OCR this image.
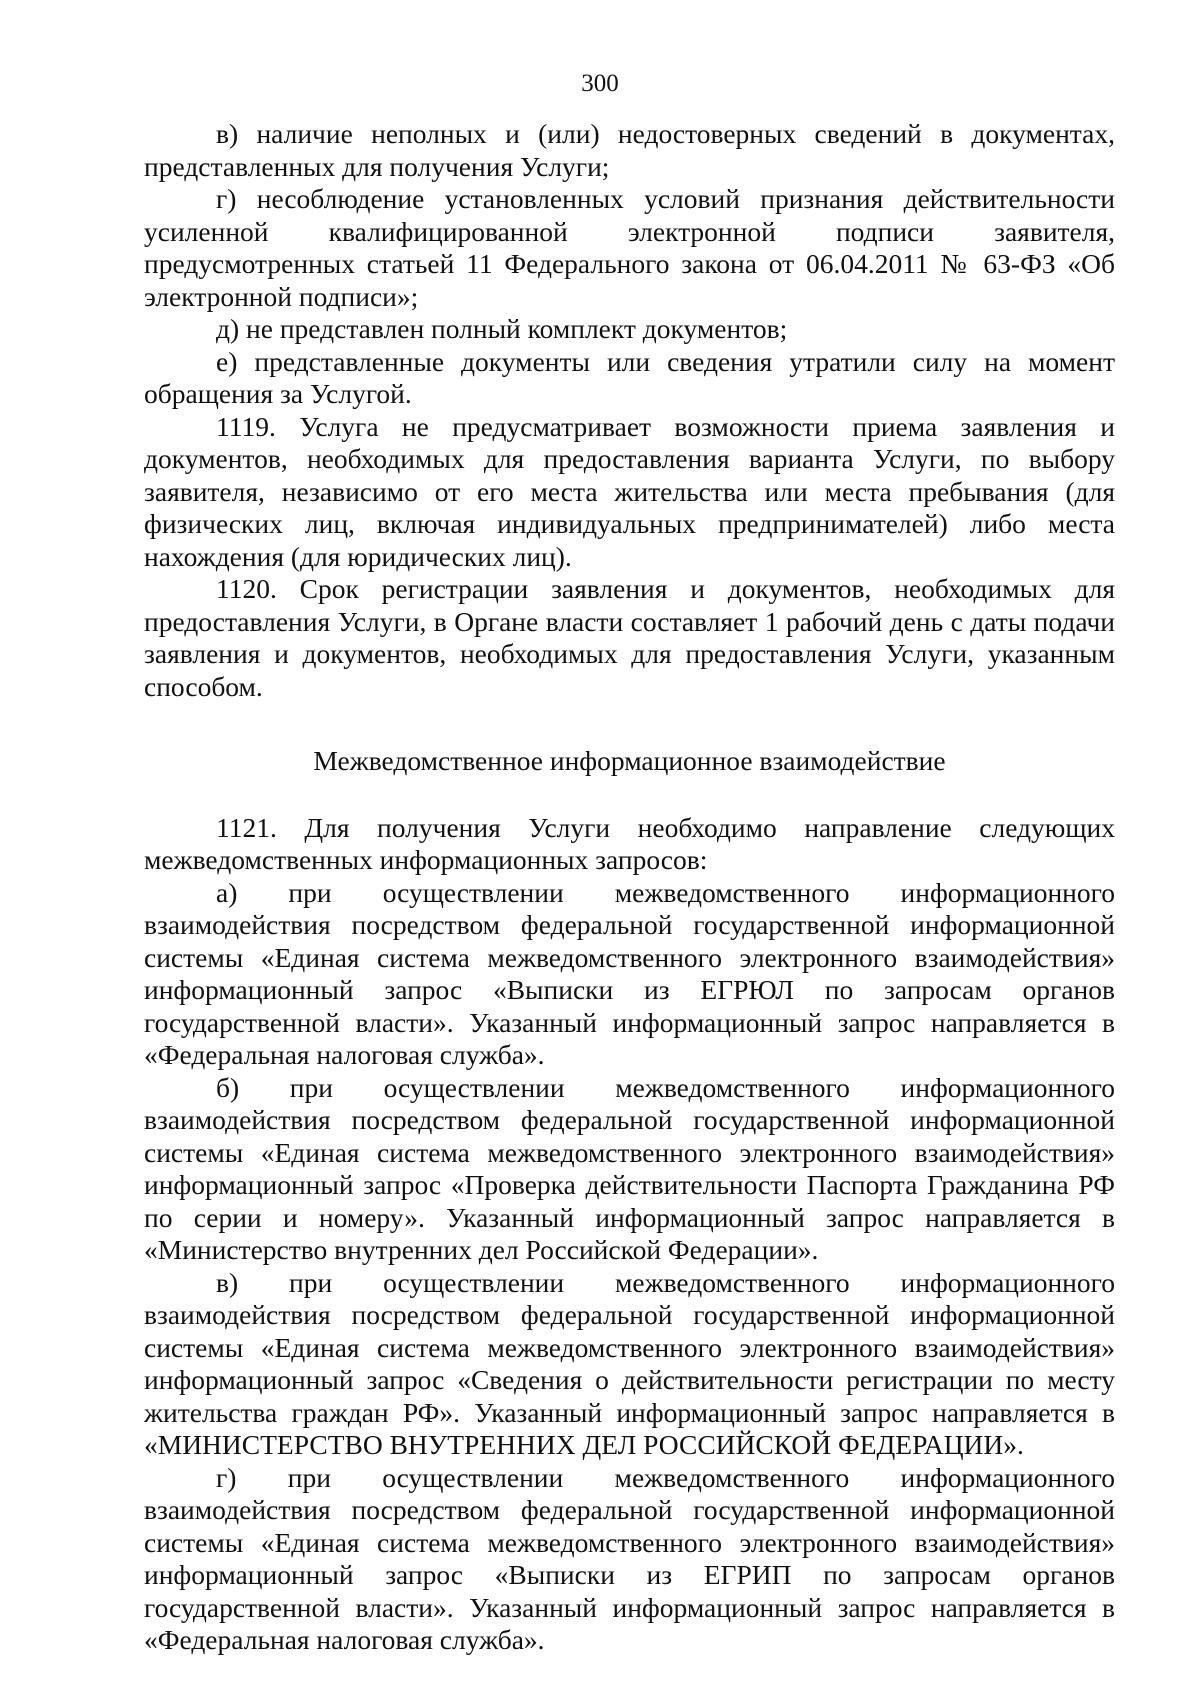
300

в) наличие неполных и (или) недостоверных сведений в документах, представленных для получения Услуги;

г) несоблюдение установленных условий признания действительности усиленной квалифицированной электронной подписи заявителя, предусмотренных статьей 11 Федерального закона от 06.04.2011 № 63-ФЗ «Об электронной подписи»;

д) не представлен полный комплект документов;

е) представленные документы или сведения утратили силу на момент обращения за Услугой.

1119. Услуга не предусматривает возможности приема заявления и документов, необходимых для предоставления варианта Услуги, по выбору заявителя, независимо от его места жительства или места пребывания (для физических лиц, включая индивидуальных предпринимателей) либо места нахождения (для юридических лиц).

1120. Срок регистрации заявления и документов, необходимых для предоставления Услуги, в Органе власти составляет 1 рабочий день с даты подачи заявления и документов, необходимых для предоставления Услуги, указанным способом.

Межведомственное информационное взаимодействие

1121. Для получения Услуги необходимо направление следующих межведомственных информационных запросов:

а) при осуществлении межведомственного информационного взаимодействия посредством федеральной государственной информационной системы «Единая система межведомственного электронного взаимодействия» информационный запрос «Выписки из ЕГРЮЛ по запросам органов государственной власти». Указанный информационный запрос направляется в «Федеральная налоговая служба».

б) при осуществлении межведомственного информационного взаимодействия посредством федеральной государственной информационной системы «Единая система межведомственного электронного взаимодействия» информационный запрос «Проверка действительности Паспорта Гражданина РФ по серии и номеру». Указанный информационный запрос направляется в «Министерство внутренних дел Российской Федерации».

в) при осуществлении межведомственного информационного взаимодействия посредством федеральной государственной информационной системы «Единая система межведомственного электронного взаимодействия» информационный запрос «Сведения о действительности регистрации по месту жительства граждан РФ». Указанный информационный запрос направляется в «МИНИСТЕРСТВО ВНУТРЕННИХ ДЕЛ РОССИЙСКОЙ ФЕДЕРАЦИИ».

г) при осуществлении межведомственного информационного взаимодействия посредством федеральной государственной информационной системы «Единая система межведомственного электронного взаимодействия» информационный запрос «Выписки из ЕГРИП по запросам органов государственной власти». Указанный информационный запрос направляется в «Федеральная налоговая служба».
